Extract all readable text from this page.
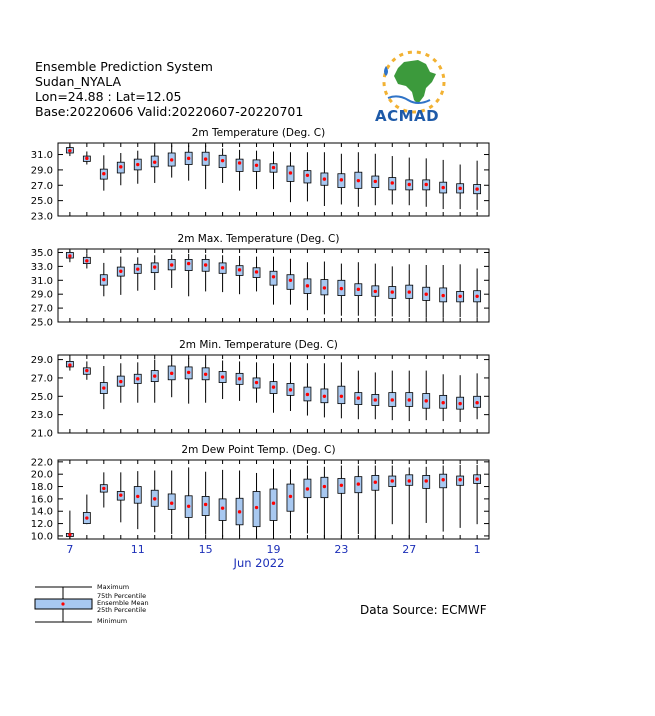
Ensemble Prediction System
Sudan_NYALA
Lon=24.88 : Lat=12.05
Base:20220606 Valid:20220607-20220701	ACMAD
2m Temperature (Deg. C)
31.0
29.0
27.0
25.0
23.0
2m Max. Temperature (Deg. C)
35.0
33.0
31.0
29.0
27.0
25.0
2m Min. Temperature (Deg. C)
29.0
27.0
25.0
23.0
21.0
2m Dew Point Temp. (Deg. C)
22.0
20.0
18.0
16.0
14.0
12.0
10.0
7	11	15	19	23	27	1
Jun 2022
Maximum
75th Percentile
Ensemble Mean
25th Percentile
Minimum
Data Source: ECMWF
